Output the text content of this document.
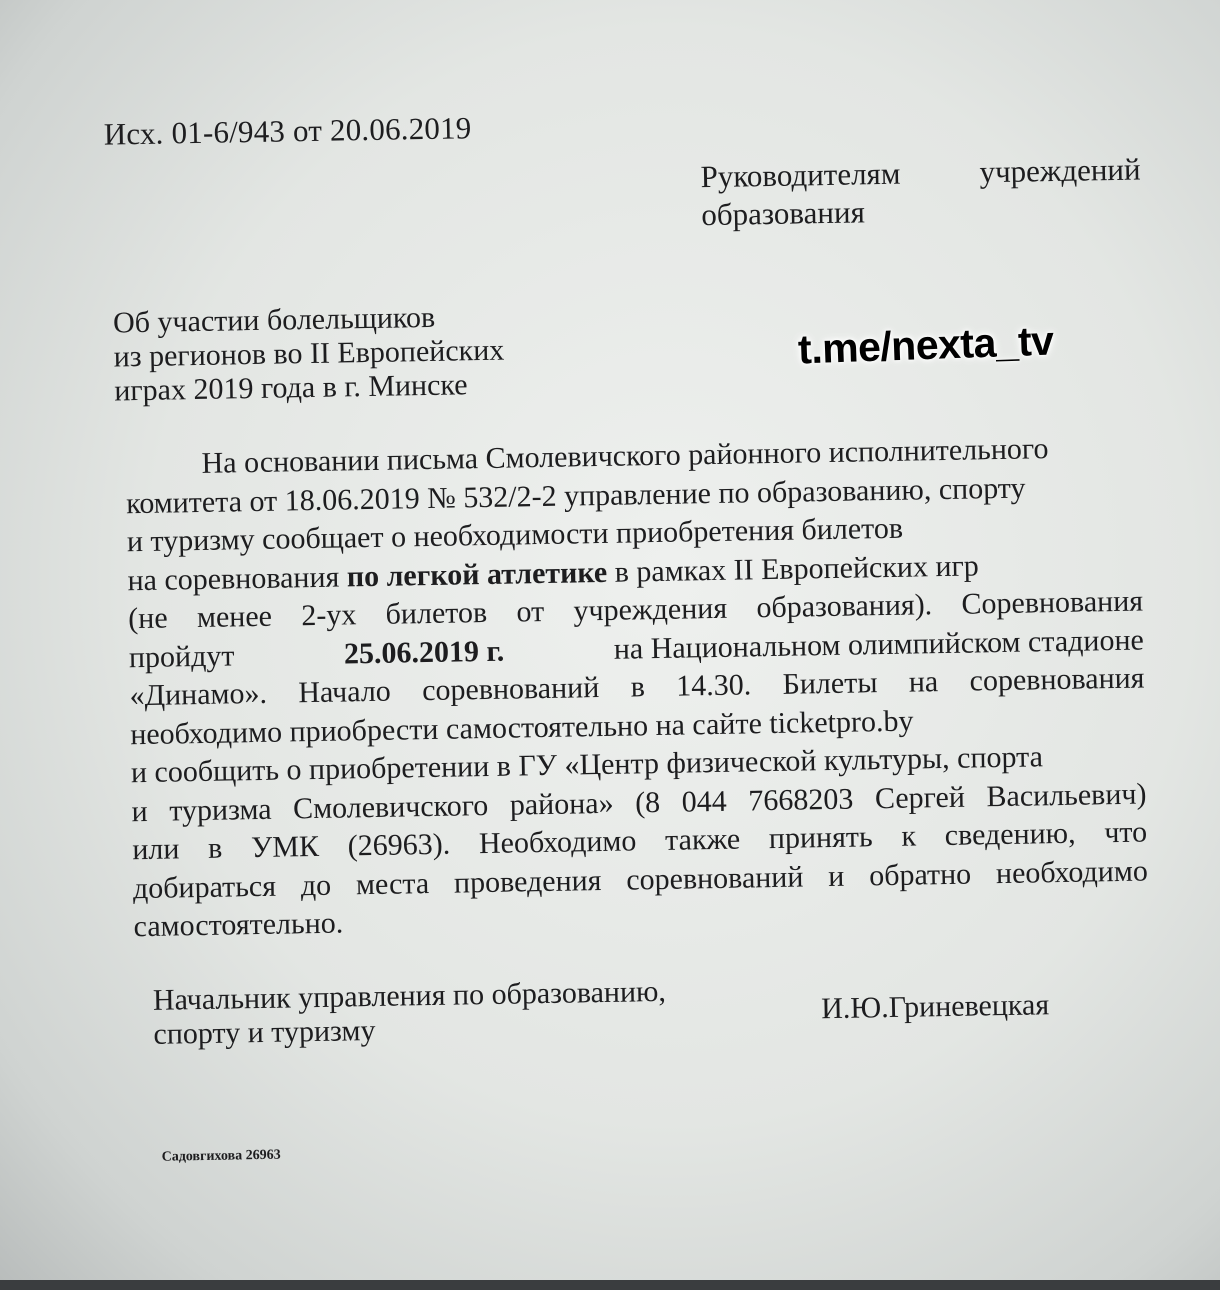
Исх. 01-6/943 от 20.06.2019
Руководителям	учреждений
образования
Об участии болельщиков
из регионов во II Европейских
играх 2019 года в г. Минске
На основании письма Смолевичского районного исполнительного
комитета от 18.06.2019 № 532/2-2 управление по образованию, спорту
и туризму сообщает о необходимости приобретения билетов
на соревнования по легкой атлетике в рамках II Европейских игр
(не менее 2-ух билетов от учреждения образования). Соревнования
пройдут	25.06.2019 г.	на Национальном олимпийском стадионе
«Динамо». Начало соревнований в 14.30. Билеты на соревнования
необходимо приобрести самостоятельно на сайте ticketpro.by
и сообщить о приобретении в ГУ «Центр физической культуры, спорта
и туризма Смолевичского района» (8 044 7668203 Сергей Васильевич)
или в УМК (26963). Необходимо также принять к сведению, что
добираться до места проведения соревнований и обратно необходимо
самостоятельно.
Начальник управления по образованию,
спорту и туризму
И.Ю.Гриневецкая
Садовгихова 26963
t.me/nexta_tv
